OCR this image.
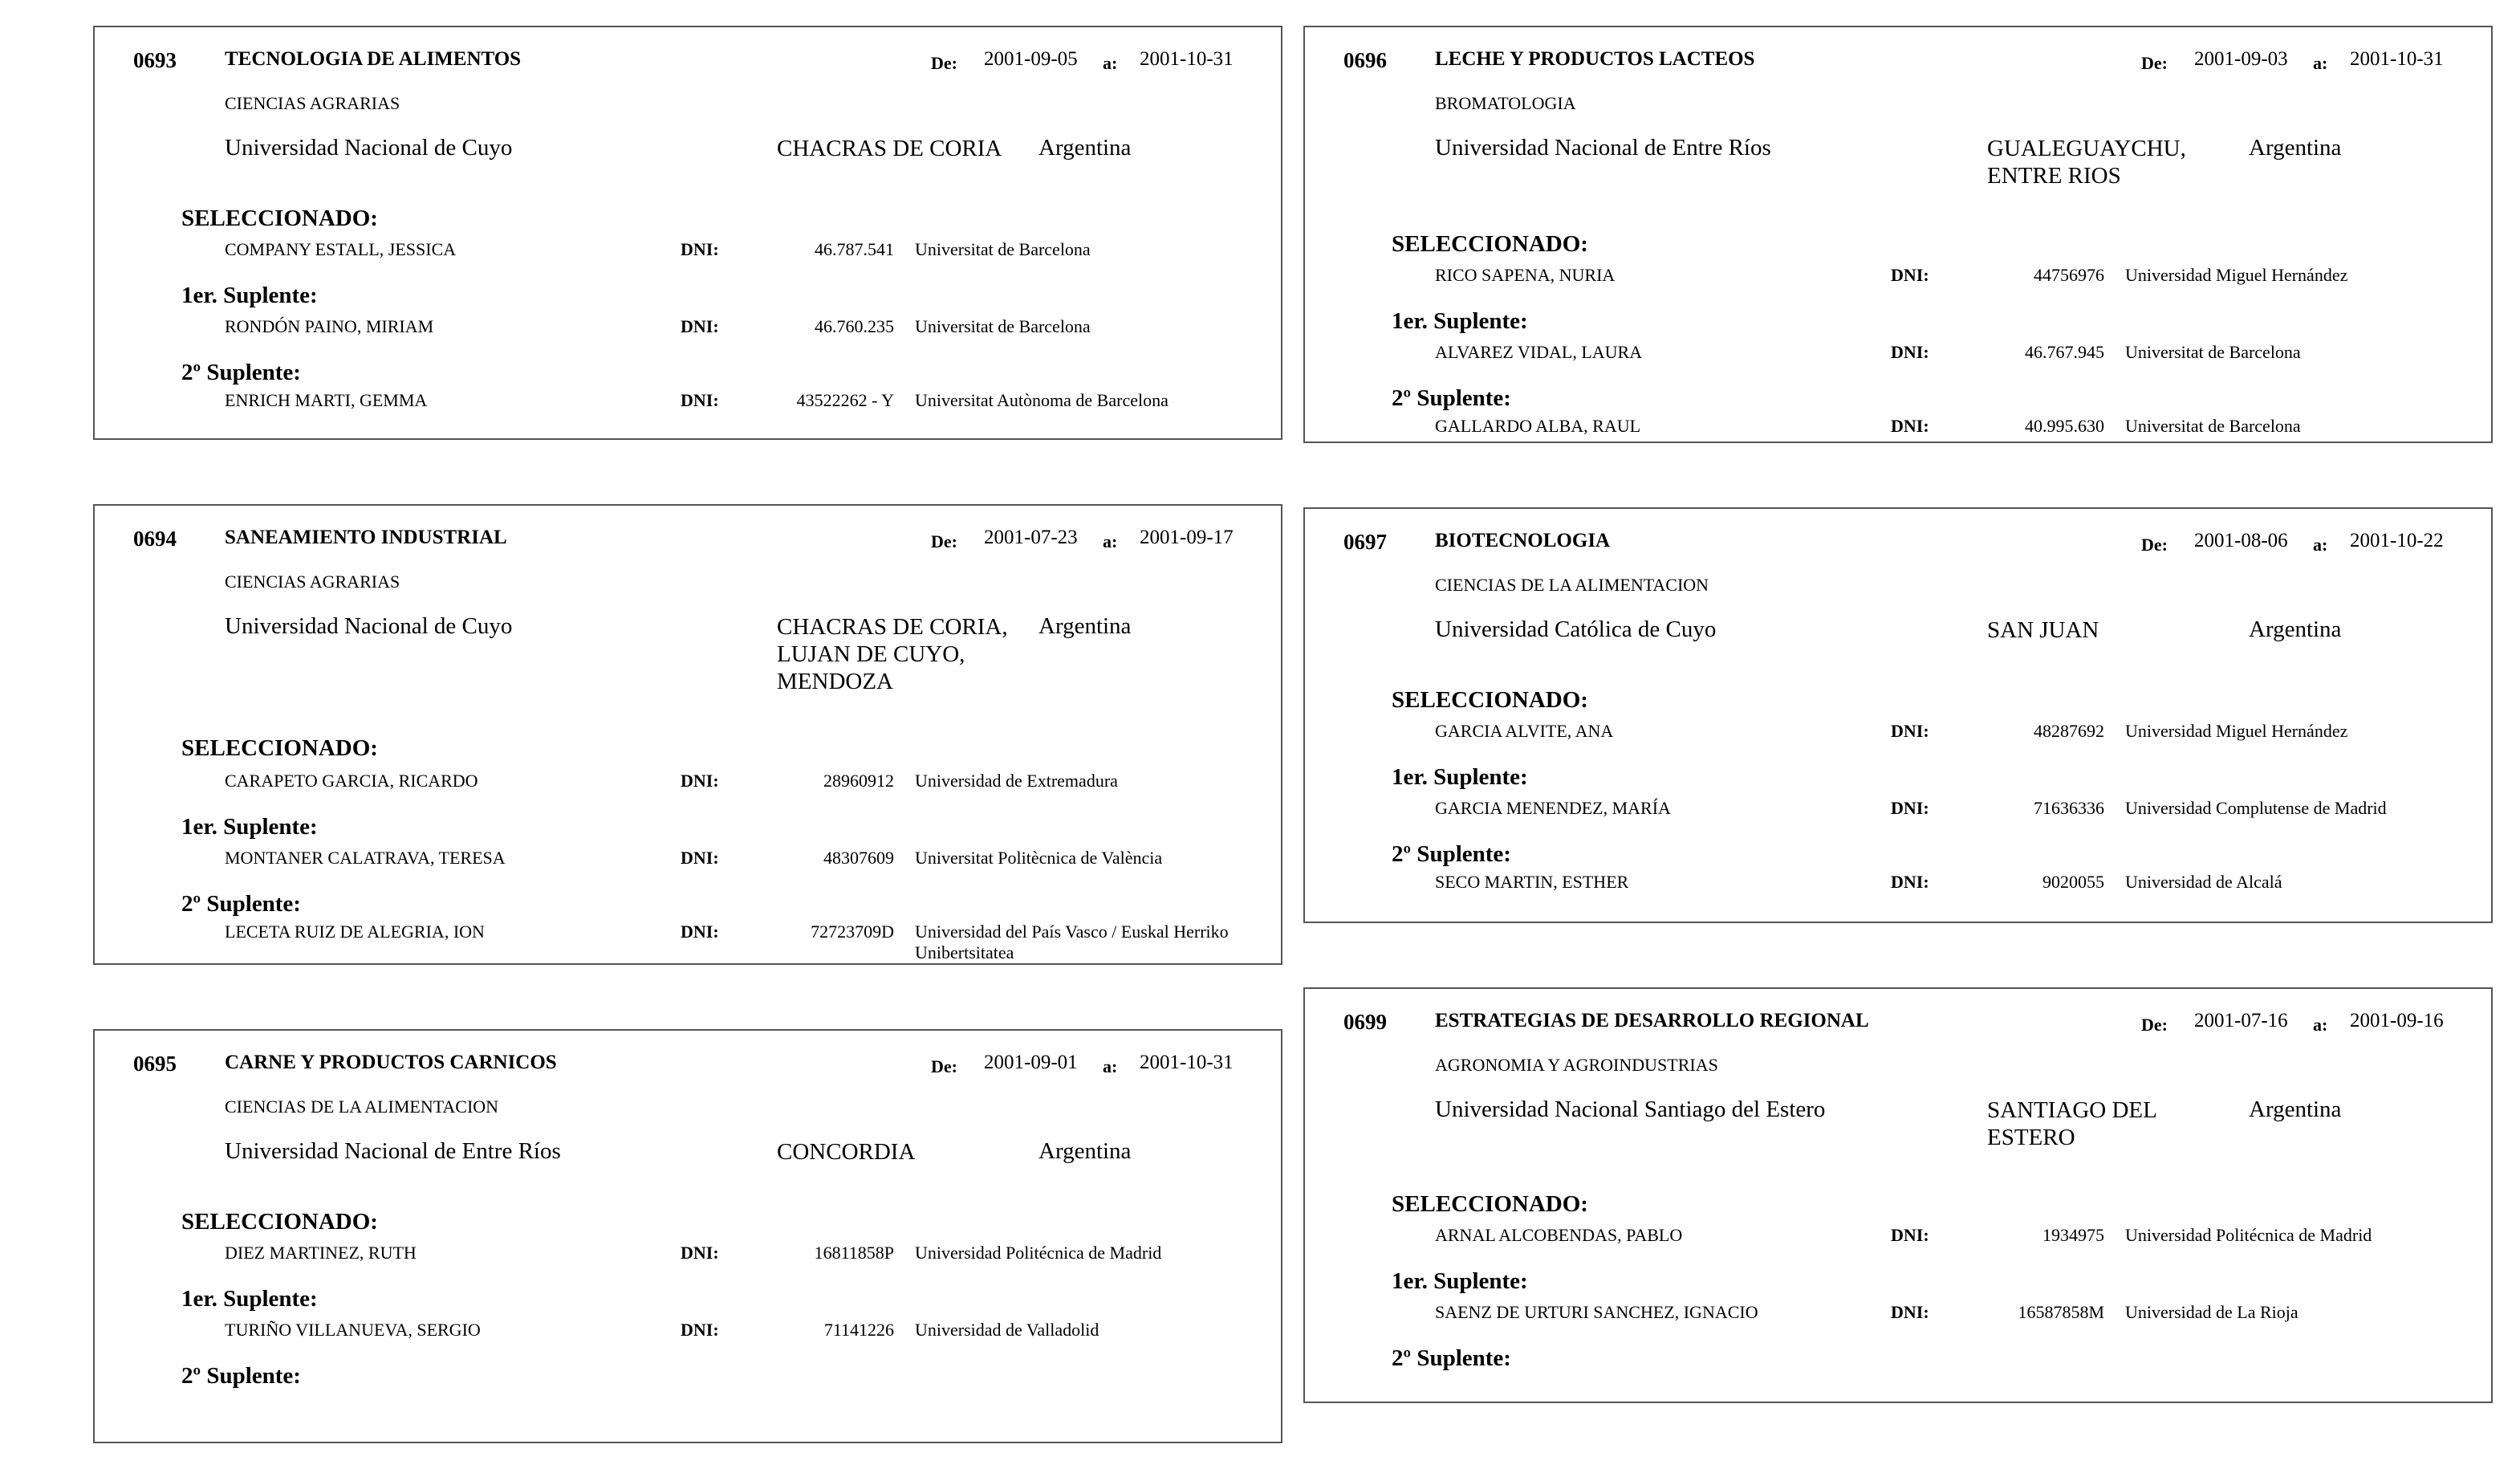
0693 TECNOLOGIA DE ALIMENTOS	De: 2001-09-05 a: 2001-10-31
CIENCIAS AGRARIAS
Universidad Nacional de Cuyo	CHACRAS DE CORIA	Argentina
SELECCIONADO:
COMPANY ESTALL, JESSICA	DNI:	46.787.541 Universitat de Barcelona
1er. Suplente:
RONDÓN PAINO, MIRIAM	DNI:	46.760.235 Universitat de Barcelona
2º Suplente:
ENRICH MARTI, GEMMA	DNI:	43522262 - Y Universitat Autònoma de Barcelona
0694 SANEAMIENTO INDUSTRIAL	De: 2001-07-23 a: 2001-09-17
CIENCIAS AGRARIAS
Universidad Nacional de Cuyo	CHACRAS DE CORIA, LUJAN DE CUYO, MENDOZA
Argentina
SELECCIONADO:
CARAPETO GARCIA, RICARDO	DNI:	28960912 Universidad de Extremadura
1er. Suplente:
MONTANER CALATRAVA, TERESA	DNI:	48307609 Universitat Politècnica de València
2º Suplente:
LECETA RUIZ DE ALEGRIA, ION	DNI:	72723709D Universidad del País Vasco / Euskal Herriko Unibertsitatea
0695 CARNE Y PRODUCTOS CARNICOS	De: 2001-09-01 a: 2001-10-31
CIENCIAS DE LA ALIMENTACION
Universidad Nacional de Entre Ríos	CONCORDIA	Argentina
SELECCIONADO:
DIEZ MARTINEZ, RUTH	DNI:	16811858P Universidad Politécnica de Madrid
1er. Suplente:
TURIÑO VILLANUEVA, SERGIO	DNI:	71141226 Universidad de Valladolid
2º Suplente:
0696 LECHE Y PRODUCTOS LACTEOS	De: 2001-09-03 a: 2001-10-31
BROMATOLOGIA
Universidad Nacional de Entre Ríos	GUALEGUAYCHU, ENTRE RIOS
Argentina
SELECCIONADO:
RICO SAPENA, NURIA	DNI:	44756976 Universidad Miguel Hernández
1er. Suplente:
ALVAREZ VIDAL, LAURA	DNI:	46.767.945 Universitat de Barcelona
2º Suplente:
GALLARDO ALBA, RAUL	DNI:	40.995.630 Universitat de Barcelona
0697 BIOTECNOLOGIA	De: 2001-08-06 a: 2001-10-22
CIENCIAS DE LA ALIMENTACION
Universidad Católica de Cuyo	SAN JUAN	Argentina
SELECCIONADO:
GARCIA ALVITE, ANA	DNI:	48287692 Universidad Miguel Hernández
1er. Suplente:
GARCIA MENENDEZ, MARÍA	DNI:	71636336 Universidad Complutense de Madrid
2º Suplente:
SECO MARTIN, ESTHER	DNI:	9020055 Universidad de Alcalá
0699 ESTRATEGIAS DE DESARROLLO REGIONAL	De: 2001-07-16 a: 2001-09-16
AGRONOMIA Y AGROINDUSTRIAS
Universidad Nacional Santiago del Estero	SANTIAGO DEL ESTERO
Argentina
SELECCIONADO:
ARNAL ALCOBENDAS, PABLO	DNI:	1934975 Universidad Politécnica de Madrid
1er. Suplente:
SAENZ DE URTURI SANCHEZ, IGNACIO	DNI:	16587858M Universidad de La Rioja
2º Suplente:
